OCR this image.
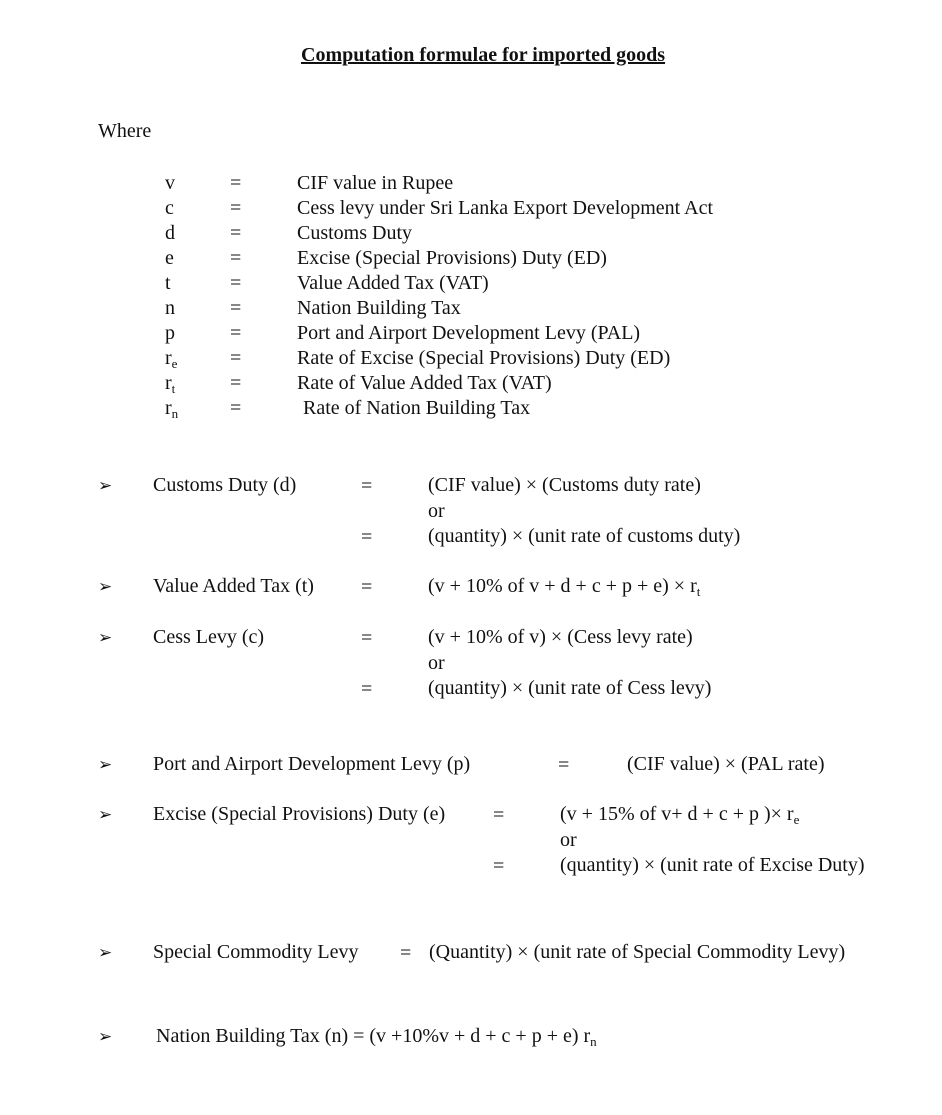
Computation formulae for imported goods
Where
v	=	CIF value in Rupee
c	=	Cess levy under Sri Lanka Export Development Act
d	=	Customs Duty
e	=	Excise (Special Provisions) Duty (ED)
t	=	Value Added Tax (VAT)
n	=	Nation Building Tax
p	=	Port and Airport Development Levy (PAL)
$r_e$	=	Rate of Excise (Special Provisions) Duty (ED)
$r_t$	=	Rate of Value Added Tax (VAT)
$r_n$	=	Rate of Nation Building Tax
➢ Customs Duty (d)	=	(CIF value) × (Customs duty rate)
or
=	(quantity) × (unit rate of customs duty)
➢ Value Added Tax (t) =	(v + 10% of $v + d + c + p + e) \times r_t$
➢ Cess Levy (c)	=	(v + 10% of v) × (Cess levy rate)
or
=	(quantity) × (unit rate of Cess levy)
➢ Port and Airport Development Levy (p)	=	(CIF value) × (PAL rate)
➢ Excise (Special Provisions) Duty (e) =	(v + 15% of v+ d + c + p )× $r_e$
or
=	(quantity) × (unit rate of Excise Duty)
➢ Special Commodity Levy = (Quantity) × (unit rate of Special Commodity Levy)
➢ Nation Building Tax (n) = (v +10%v + d + c + p + e) $r_n$
